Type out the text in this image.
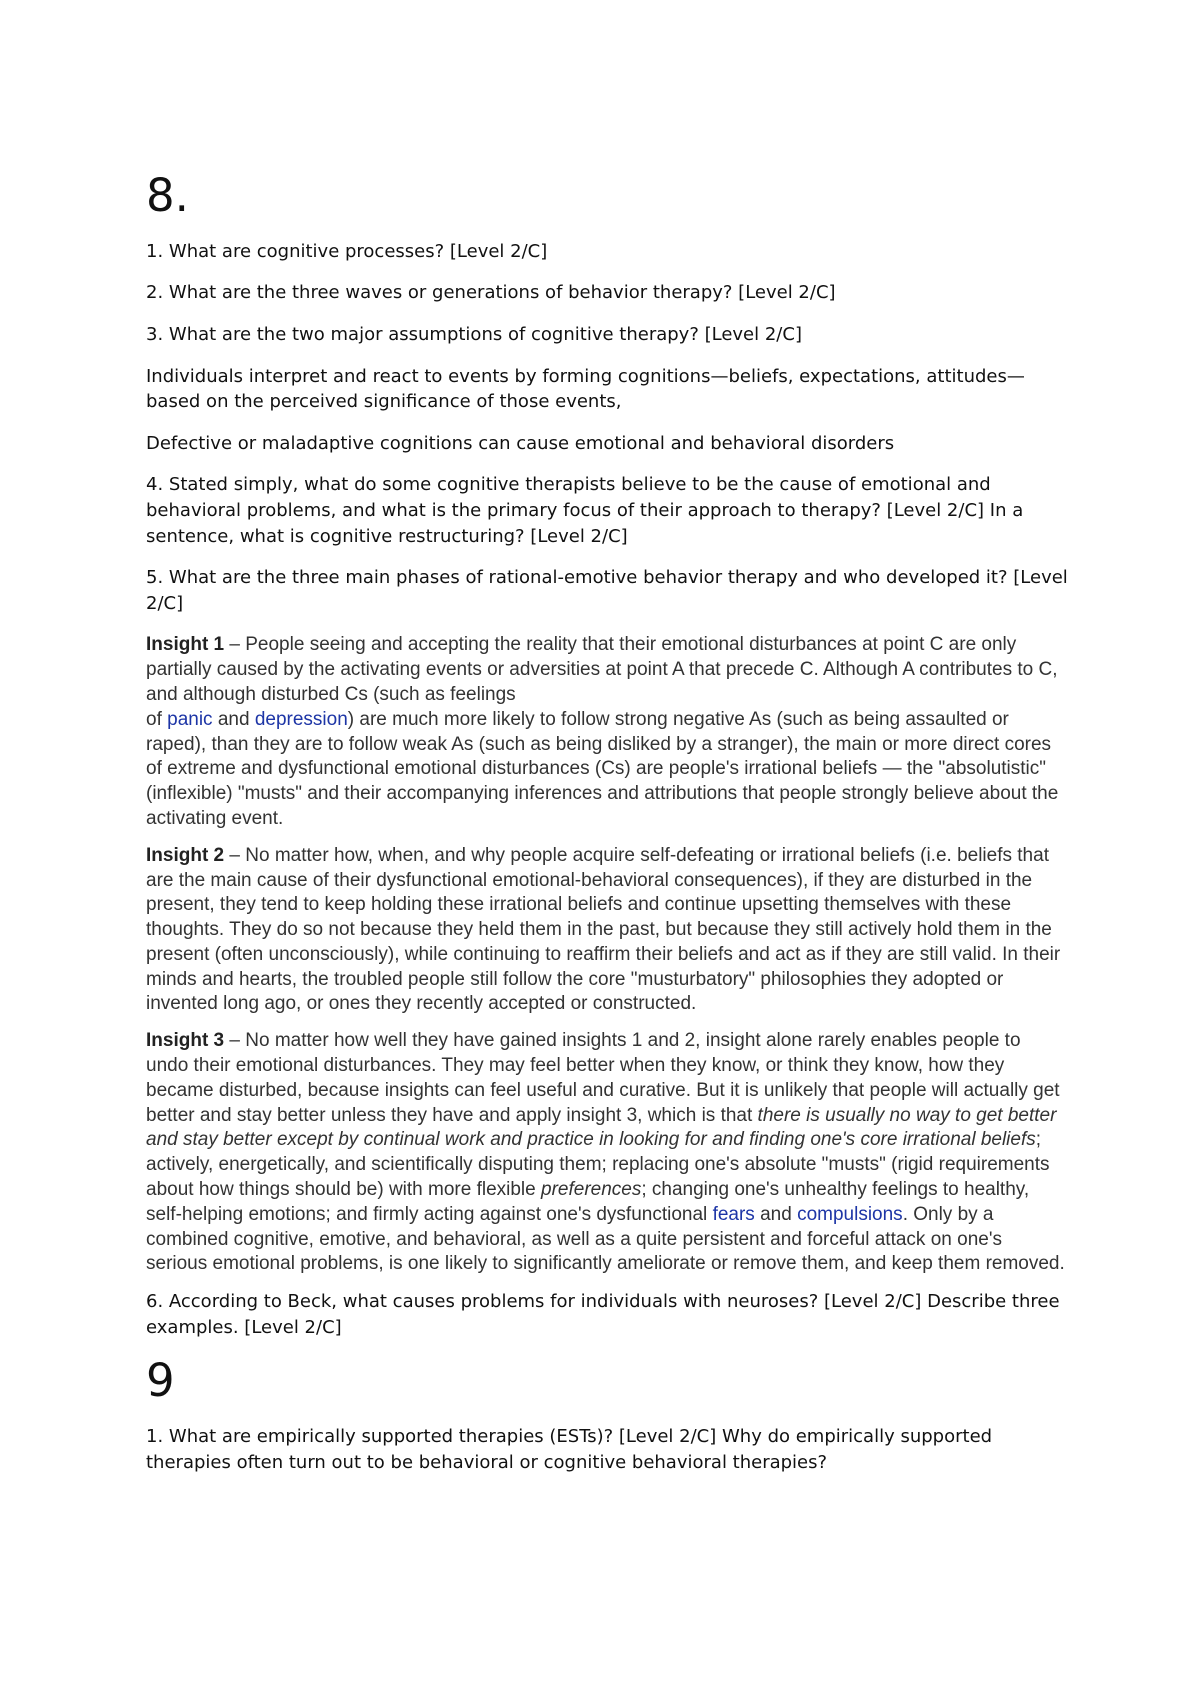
8.

1. What are cognitive processes? [Level 2/C]

2. What are the three waves or generations of behavior therapy? [Level 2/C]

3. What are the two major assumptions of cognitive therapy? [Level 2/C]

Individuals interpret and react to events by forming cognitions—beliefs, expectations, attitudes—based on the perceived significance of those events,

Defective or maladaptive cognitions can cause emotional and behavioral disorders

4. Stated simply, what do some cognitive therapists believe to be the cause of emotional and behavioral problems, and what is the primary focus of their approach to therapy? [Level 2/C] In a sentence, what is cognitive restructuring? [Level 2/C]

5. What are the three main phases of rational-emotive behavior therapy and who developed it? [Level 2/C]

Insight 1 – People seeing and accepting the reality that their emotional disturbances at point C are only partially caused by the activating events or adversities at point A that precede C. Although A contributes to C, and although disturbed Cs (such as feelings
of panic and depression) are much more likely to follow strong negative As (such as being assaulted or raped), than they are to follow weak As (such as being disliked by a stranger), the main or more direct cores of extreme and dysfunctional emotional disturbances (Cs) are people's irrational beliefs — the "absolutistic" (inflexible) "musts" and their accompanying inferences and attributions that people strongly believe about the activating event.

Insight 2 – No matter how, when, and why people acquire self-defeating or irrational beliefs (i.e. beliefs that are the main cause of their dysfunctional emotional-behavioral consequences), if they are disturbed in the present, they tend to keep holding these irrational beliefs and continue upsetting themselves with these thoughts. They do so not because they held them in the past, but because they still actively hold them in the present (often unconsciously), while continuing to reaffirm their beliefs and act as if they are still valid. In their minds and hearts, the troubled people still follow the core "musturbatory" philosophies they adopted or invented long ago, or ones they recently accepted or constructed.

Insight 3 – No matter how well they have gained insights 1 and 2, insight alone rarely enables people to undo their emotional disturbances. They may feel better when they know, or think they know, how they became disturbed, because insights can feel useful and curative. But it is unlikely that people will actually get better and stay better unless they have and apply insight 3, which is that there is usually no way to get better and stay better except by continual work and practice in looking for and finding one's core irrational beliefs; actively, energetically, and scientifically disputing them; replacing one's absolute "musts" (rigid requirements about how things should be) with more flexible preferences; changing one's unhealthy feelings to healthy, self-helping emotions; and firmly acting against one's dysfunctional fears and compulsions. Only by a combined cognitive, emotive, and behavioral, as well as a quite persistent and forceful attack on one's serious emotional problems, is one likely to significantly ameliorate or remove them, and keep them removed.

6. According to Beck, what causes problems for individuals with neuroses? [Level 2/C] Describe three examples. [Level 2/C]

9

1. What are empirically supported therapies (ESTs)? [Level 2/C] Why do empirically supported therapies often turn out to be behavioral or cognitive behavioral therapies?
